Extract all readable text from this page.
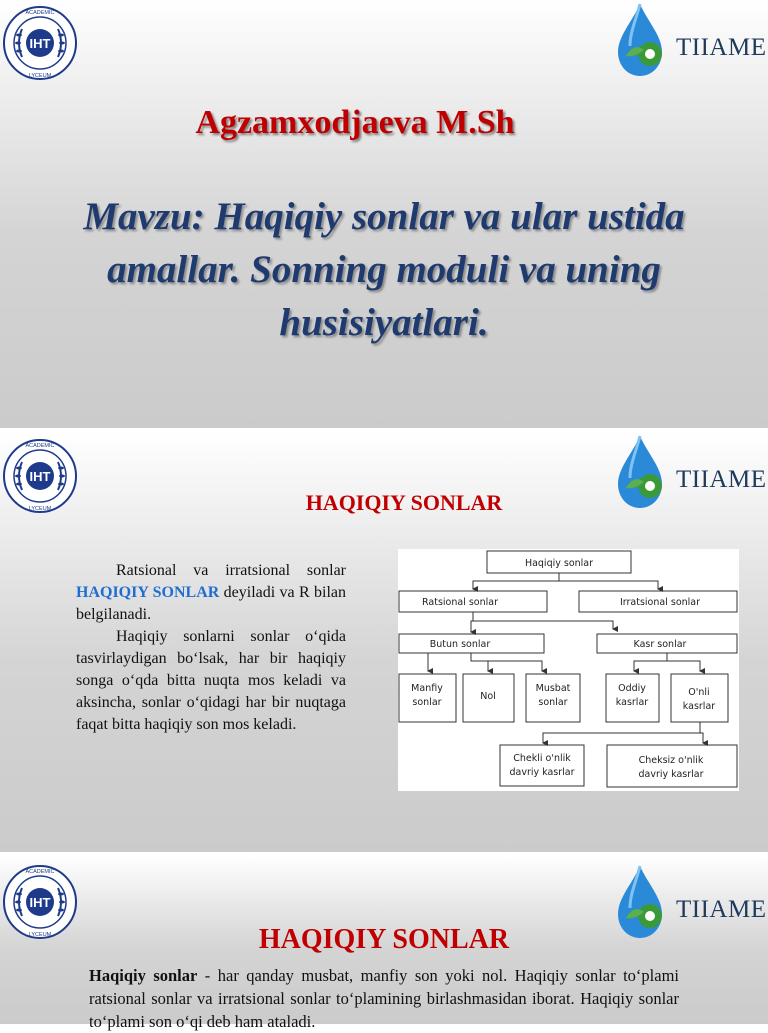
IHT
ACADEMIC
LYCEUM
TIIAME
Agzamxodjaeva M.Sh
Mavzu: Haqiqiy sonlar va ular ustida amallar. Sonning moduli va uning husisiyatlari.
IHT
ACADEMIC
LYCEUM
TIIAME
HAQIQIY SONLAR

Ratsional va irratsional sonlar HAQIQIY SONLAR deyiladi va R bilan belgilanadi.

Haqiqiy sonlarni sonlar o‘qida tasvirlaydigan bo‘lsak, har bir haqiqiy songa o‘qda bitta nuqta mos keladi va aksincha, sonlar o‘qidagi har bir nuqtaga faqat bitta haqiqiy son mos keladi.

Haqiqiy sonlar
Ratsional sonlar	Irratsional sonlar
Butun sonlar	Kasr sonlar
Manfiy
sonlar
Nol
Musbat
sonlar
Oddiy
kasrlar
O'nli
kasrlar
Chekli o'nlik
davriy kasrlar
Cheksiz o'nlik
davriy kasrlar
IHT
ACADEMIC
LYCEUM
TIIAME
HAQIQIY SONLAR
Haqiqiy sonlar - har qanday musbat, manfiy son yoki nol. Haqiqiy sonlar to‘plami ratsional sonlar va irratsional sonlar to‘plamining birlashmasidan iborat. Haqiqiy sonlar to‘plami son o‘qi deb ham ataladi.
